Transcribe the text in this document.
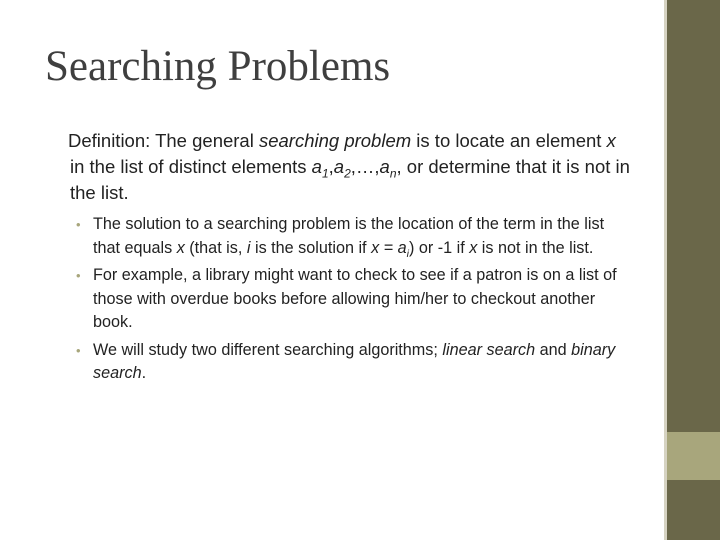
Searching Problems
Definition: The general searching problem is to locate an element x in the list of distinct elements $a_1,a_2,\dots,a_n$, or determine that it is not in the list.
• The solution to a searching problem is the location of the term in the list that equals x (that is, i is the solution if $x = a_i$) or -1 if x is not in the list.
• For example, a library might want to check to see if a patron is on a list of those with overdue books before allowing him/her to checkout another book.
• We will study two different searching algorithms; linear search and binary search.
